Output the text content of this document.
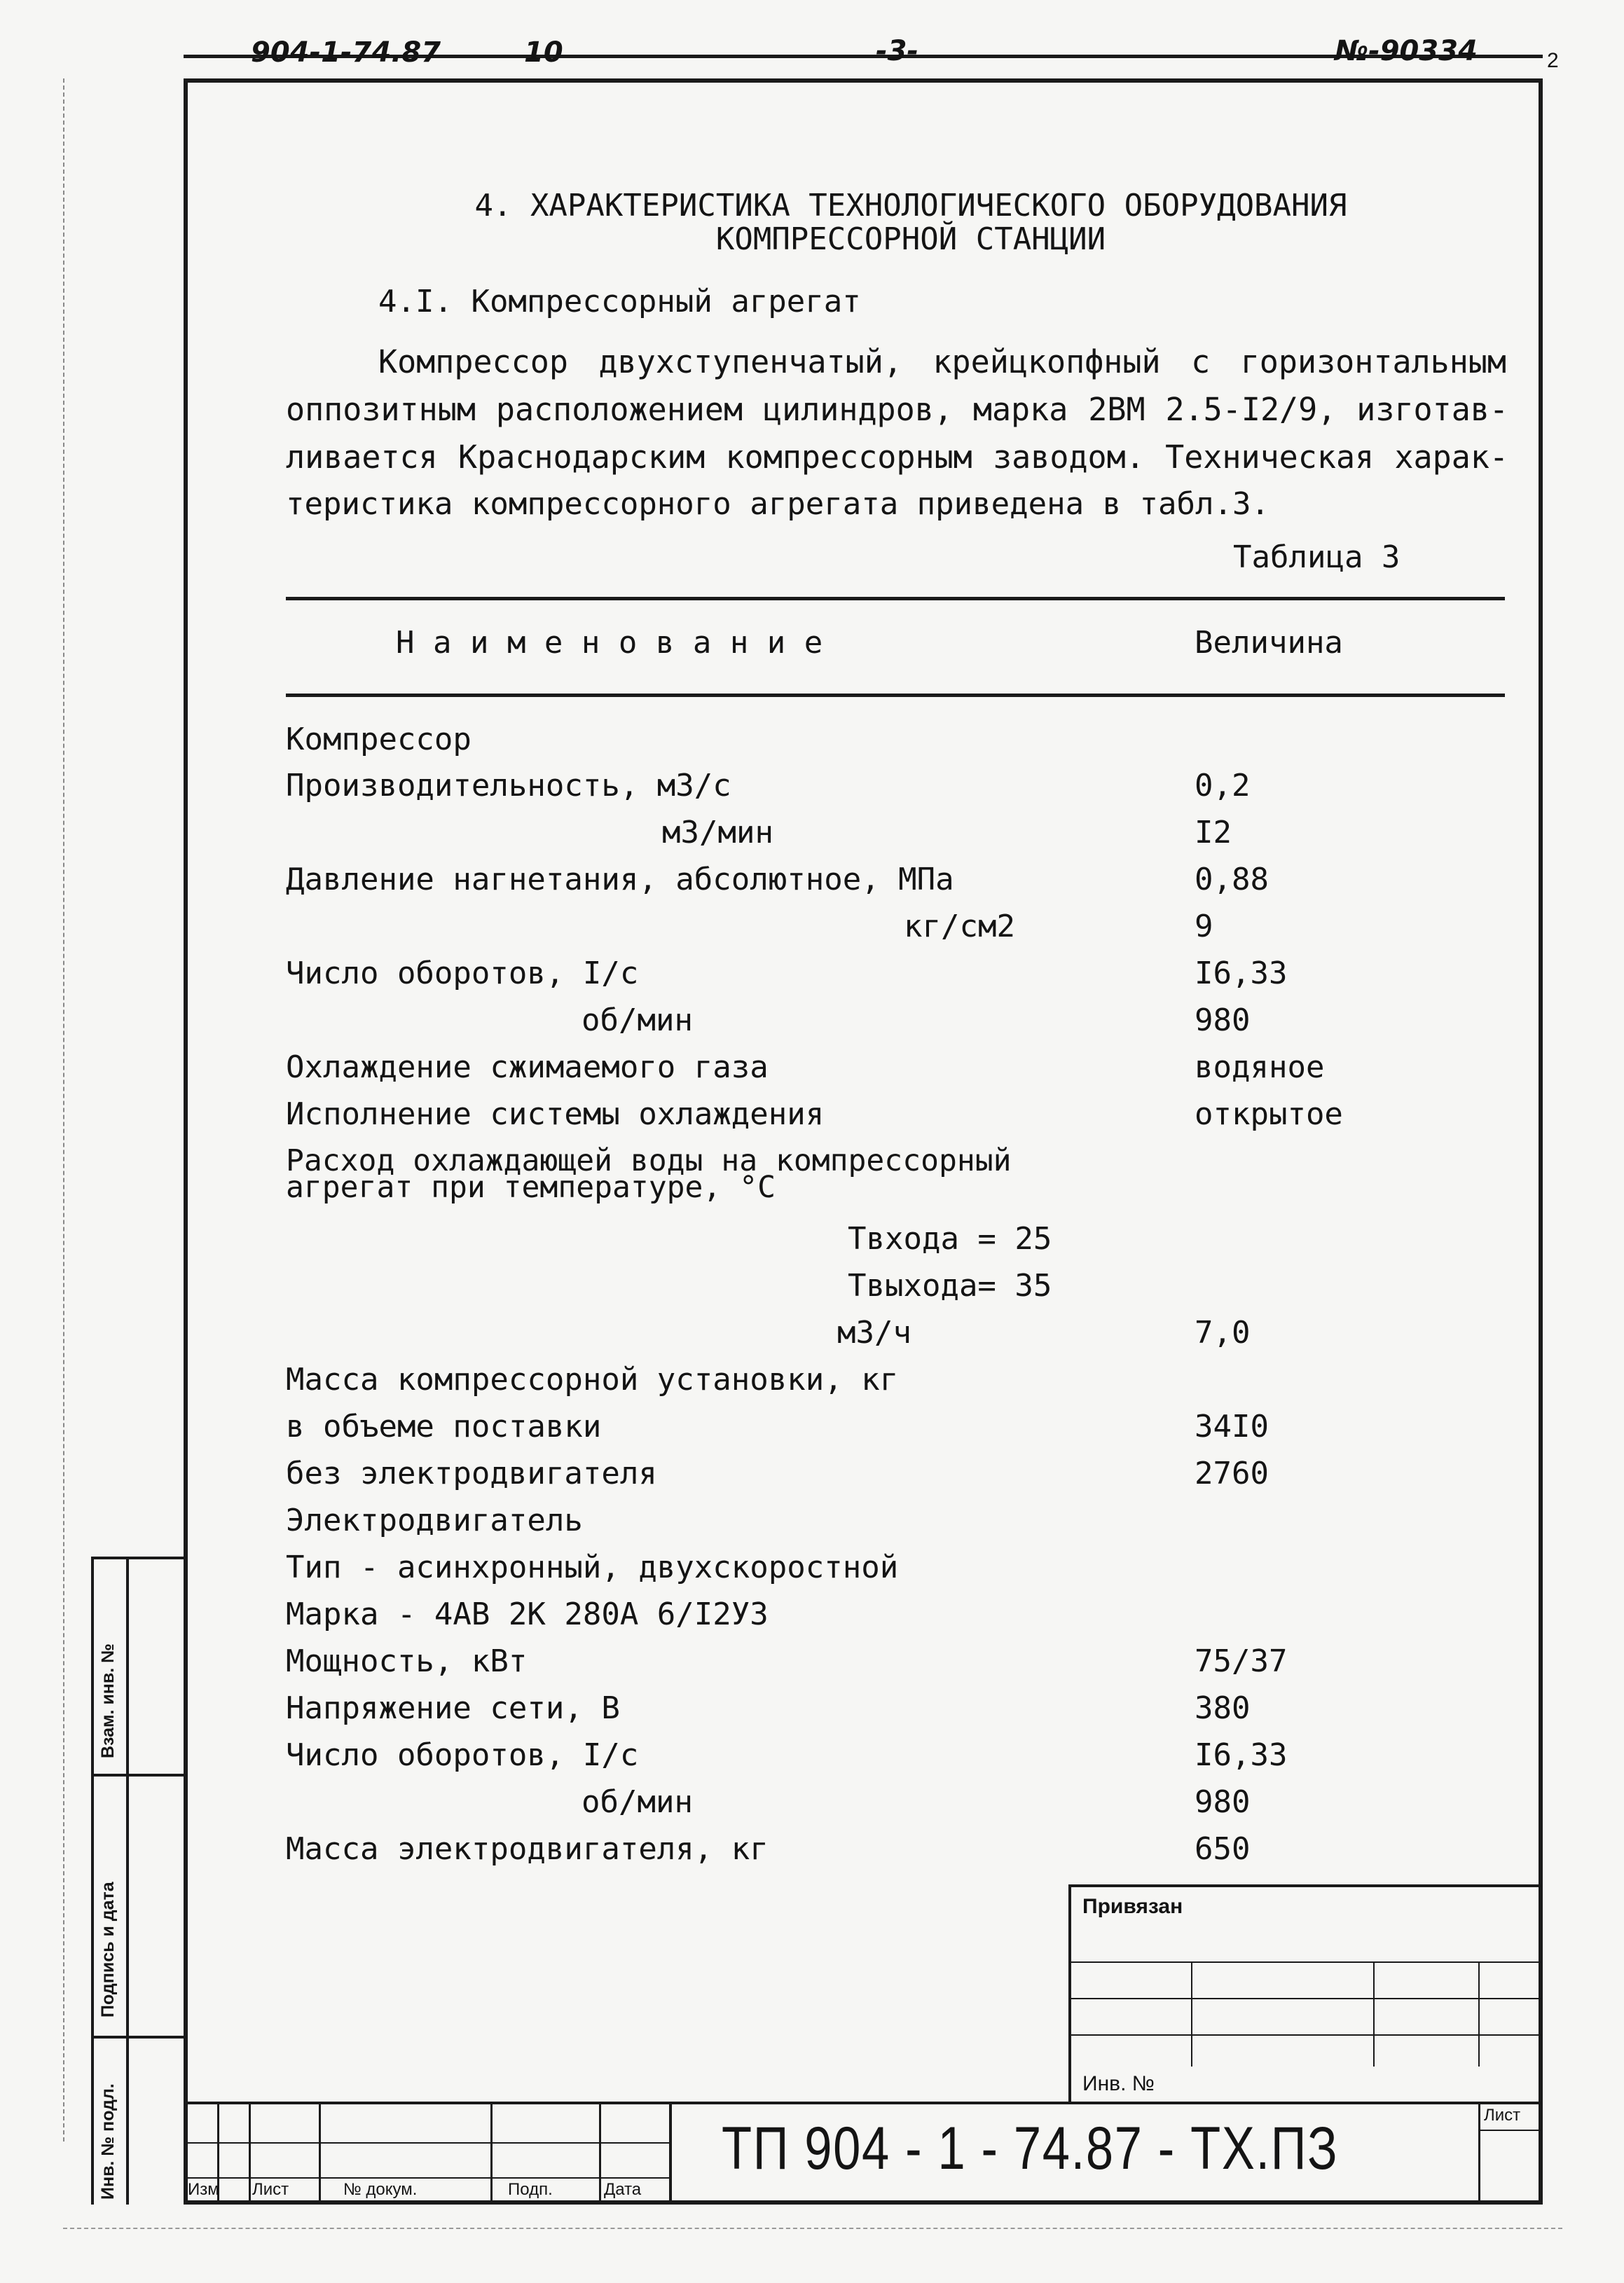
904-1-74.87	10	-3-	№-90334	2
4. ХАРАКТЕРИСТИКА ТЕХНОЛОГИЧЕСКОГО ОБОРУДОВАНИЯ
КОМПРЕССОРНОЙ СТАНЦИИ
4.I. Компрессорный агрегат
Компрессор двухступенчатый, крейцкопфный с горизонтальным
оппозитным расположением цилиндров, марка 2ВМ 2.5-I2/9, изготав-
ливается Краснодарским компрессорным заводом. Техническая харак-
теристика компрессорного агрегата приведена в табл.3.
Таблица 3
Н а и м е н о в а н и е	Величина
Компрессор
Производительность, м3/с	0,2
м3/мин	I2
Давление нагнетания, абсолютное, МПа	0,88
кг/см2	9
Число оборотов, I/с	I6,33
об/мин	980
Охлаждение сжимаемого газа	водяное
Исполнение системы охлаждения	открытое
Расход охлаждающей воды на компрессорный
агрегат при температуре, °С
Твхода = 25
Твыхода= 35
м3/ч	7,0
Масса компрессорной установки, кг
в объеме поставки	34I0
без электродвигателя	2760
Электродвигатель
Тип - асинхронный, двухскоростной
Марка - 4АВ 2К 280А 6/I2У3
Мощность, кВт	75/37
Напряжение сети, В	380
Число оборотов, I/с	I6,33
об/мин	980
Масса электродвигателя, кг	650
Взам. инв. №
Подпись и дата
Инв. № подл.
Привязан
Инв. №
Изм Лист	№ докум.	Подп.	Дата
Лист
ТП 904 - 1 - 74.87 - ТХ.ПЗ
